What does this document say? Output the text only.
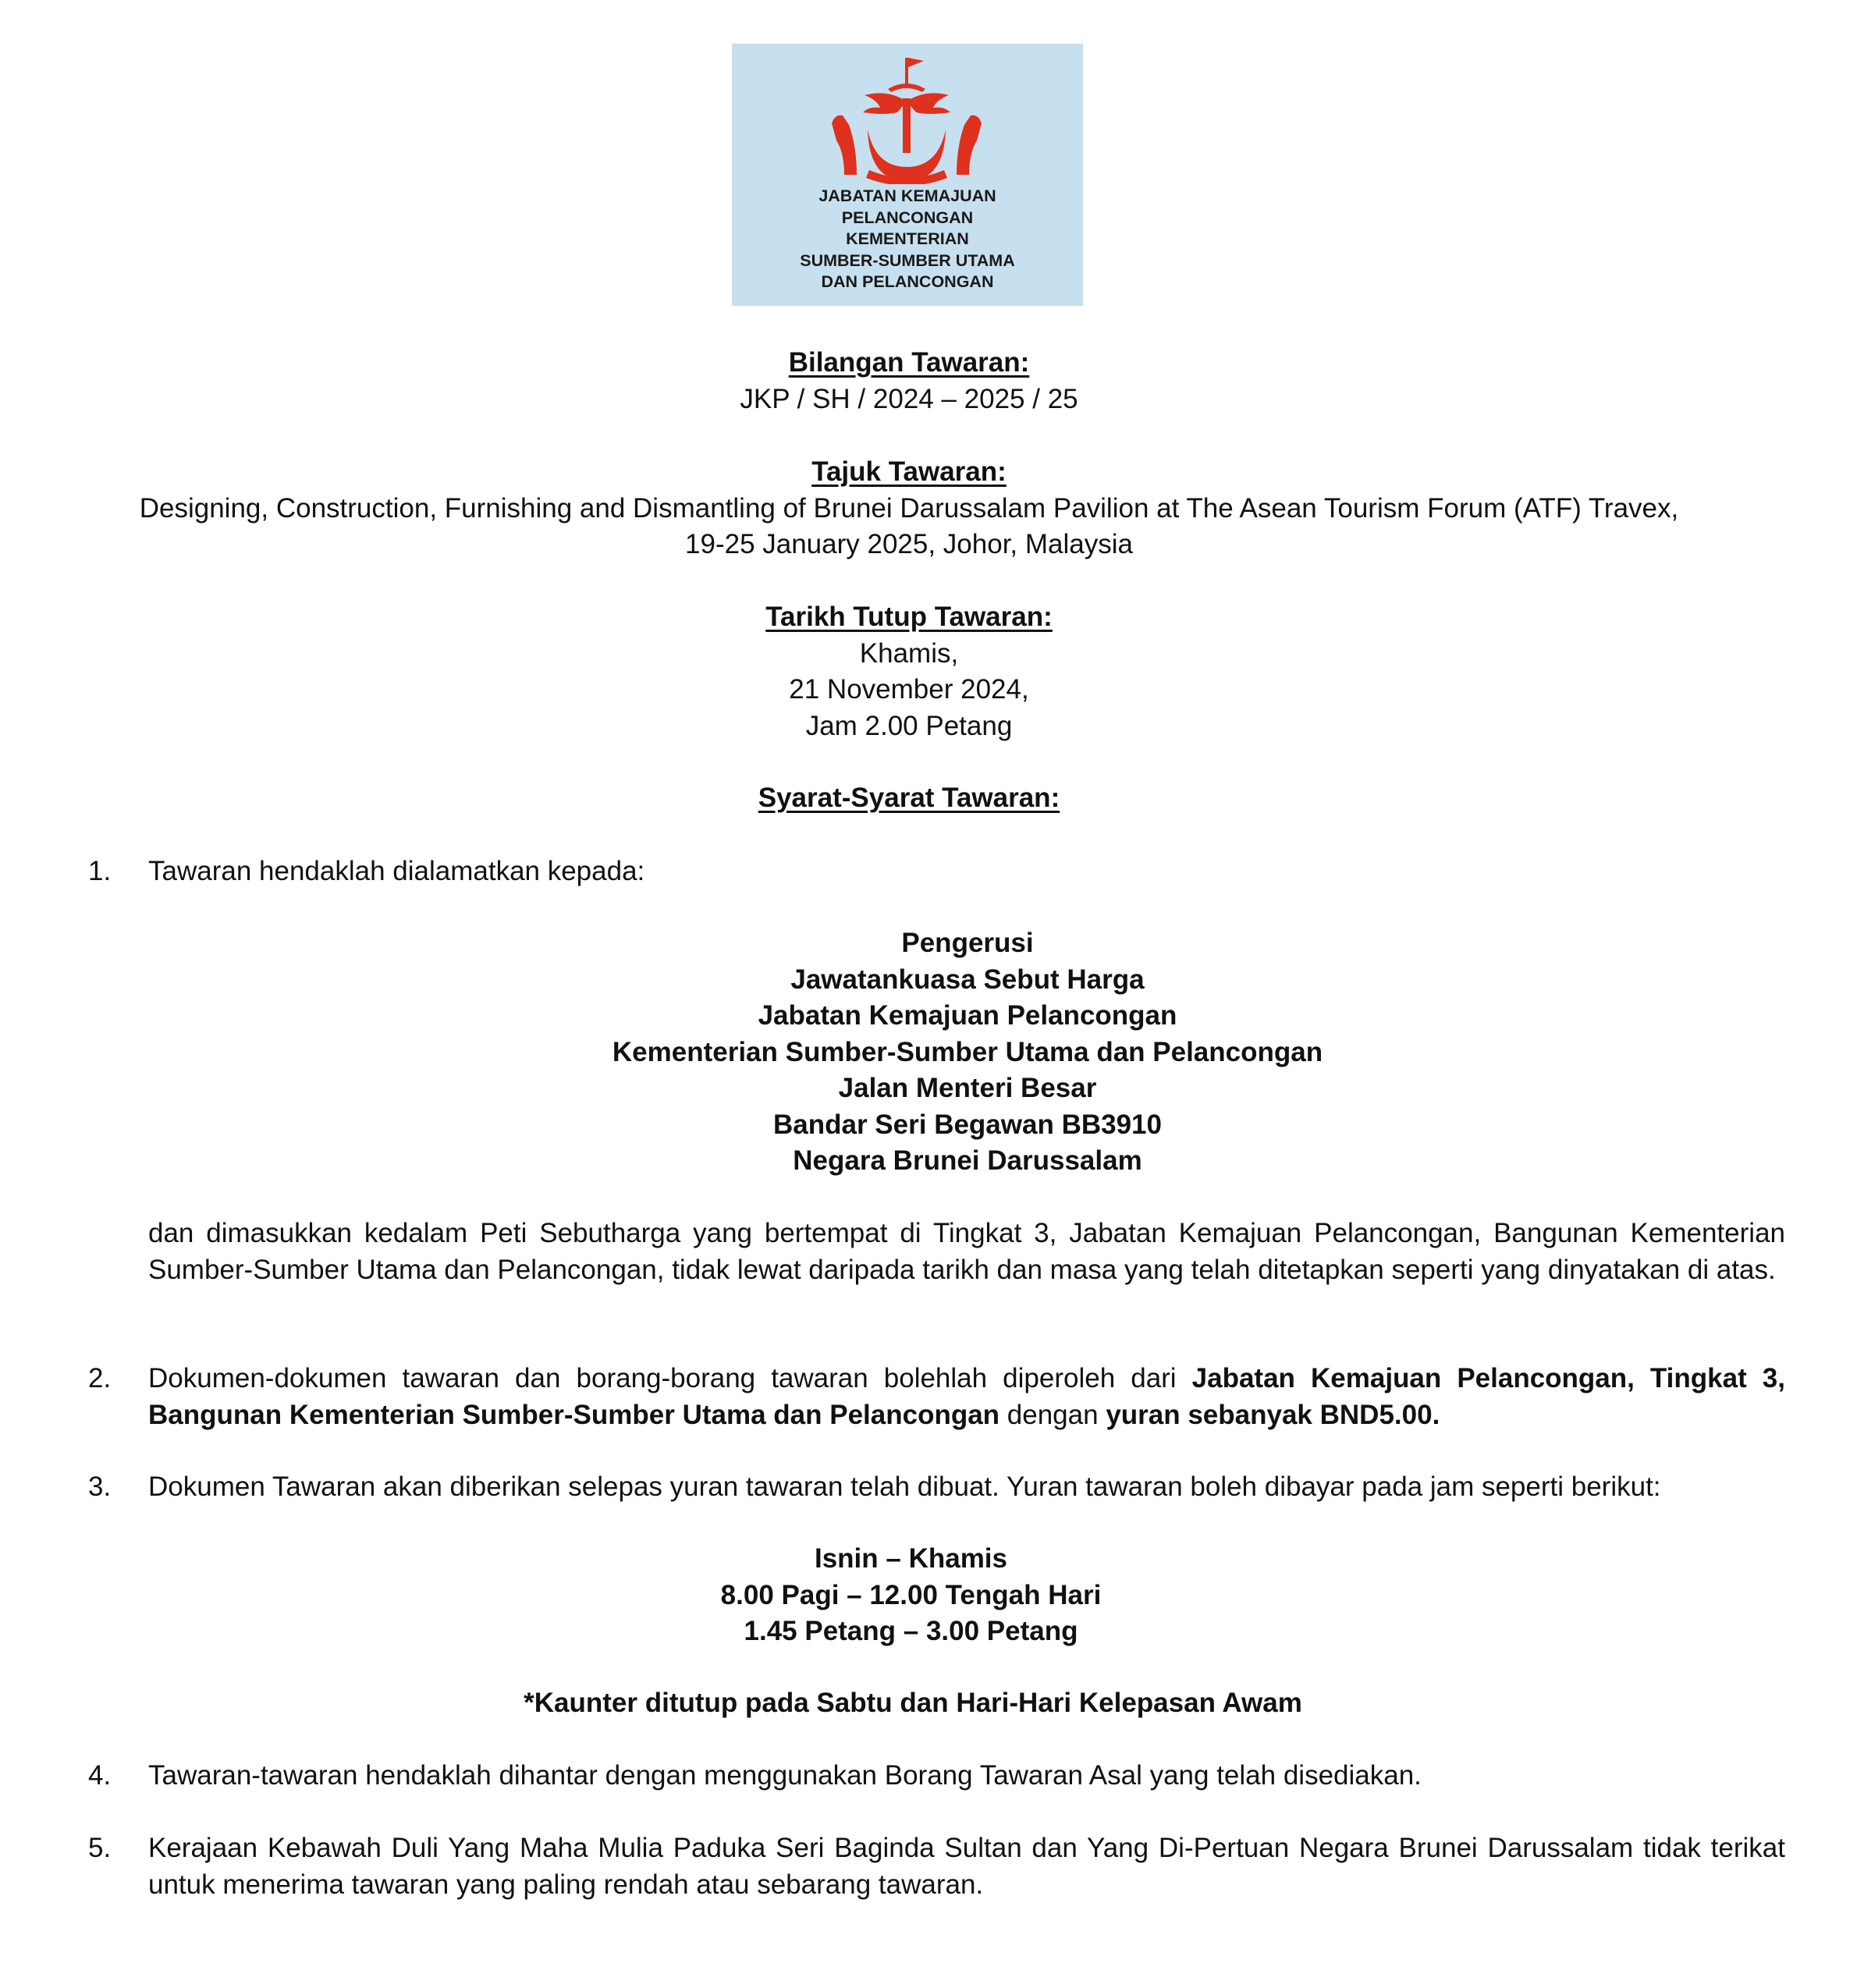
JABATAN KEMAJUAN
PELANCONGAN
KEMENTERIAN
SUMBER-SUMBER UTAMA
DAN PELANCONGAN
Bilangan Tawaran:
JKP / SH / 2024 – 2025 / 25
Tajuk Tawaran:
Designing, Construction, Furnishing and Dismantling of Brunei Darussalam Pavilion at The Asean Tourism Forum (ATF) Travex,
19-25 January 2025, Johor, Malaysia
Tarikh Tutup Tawaran:
Khamis,
21 November 2024,
Jam 2.00 Petang
Syarat-Syarat Tawaran:
1. Tawaran hendaklah dialamatkan kepada:
Pengerusi
Jawatankuasa Sebut Harga
Jabatan Kemajuan Pelancongan
Kementerian Sumber-Sumber Utama dan Pelancongan
Jalan Menteri Besar
Bandar Seri Begawan BB3910
Negara Brunei Darussalam
dan dimasukkan kedalam Peti Sebutharga yang bertempat di Tingkat 3, Jabatan Kemajuan Pelancongan, Bangunan Kementerian Sumber-Sumber Utama dan Pelancongan, tidak lewat daripada tarikh dan masa yang telah ditetapkan seperti yang dinyatakan di atas.
2. Dokumen-dokumen tawaran dan borang-borang tawaran bolehlah diperoleh dari Jabatan Kemajuan Pelancongan, Tingkat 3, Bangunan Kementerian Sumber-Sumber Utama dan Pelancongan dengan yuran sebanyak BND5.00.
3. Dokumen Tawaran akan diberikan selepas yuran tawaran telah dibuat. Yuran tawaran boleh dibayar pada jam seperti berikut:
Isnin – Khamis
8.00 Pagi – 12.00 Tengah Hari
1.45 Petang – 3.00 Petang
*Kaunter ditutup pada Sabtu dan Hari-Hari Kelepasan Awam
4. Tawaran-tawaran hendaklah dihantar dengan menggunakan Borang Tawaran Asal yang telah disediakan.
5. Kerajaan Kebawah Duli Yang Maha Mulia Paduka Seri Baginda Sultan dan Yang Di-Pertuan Negara Brunei Darussalam tidak terikat untuk menerima tawaran yang paling rendah atau sebarang tawaran.
